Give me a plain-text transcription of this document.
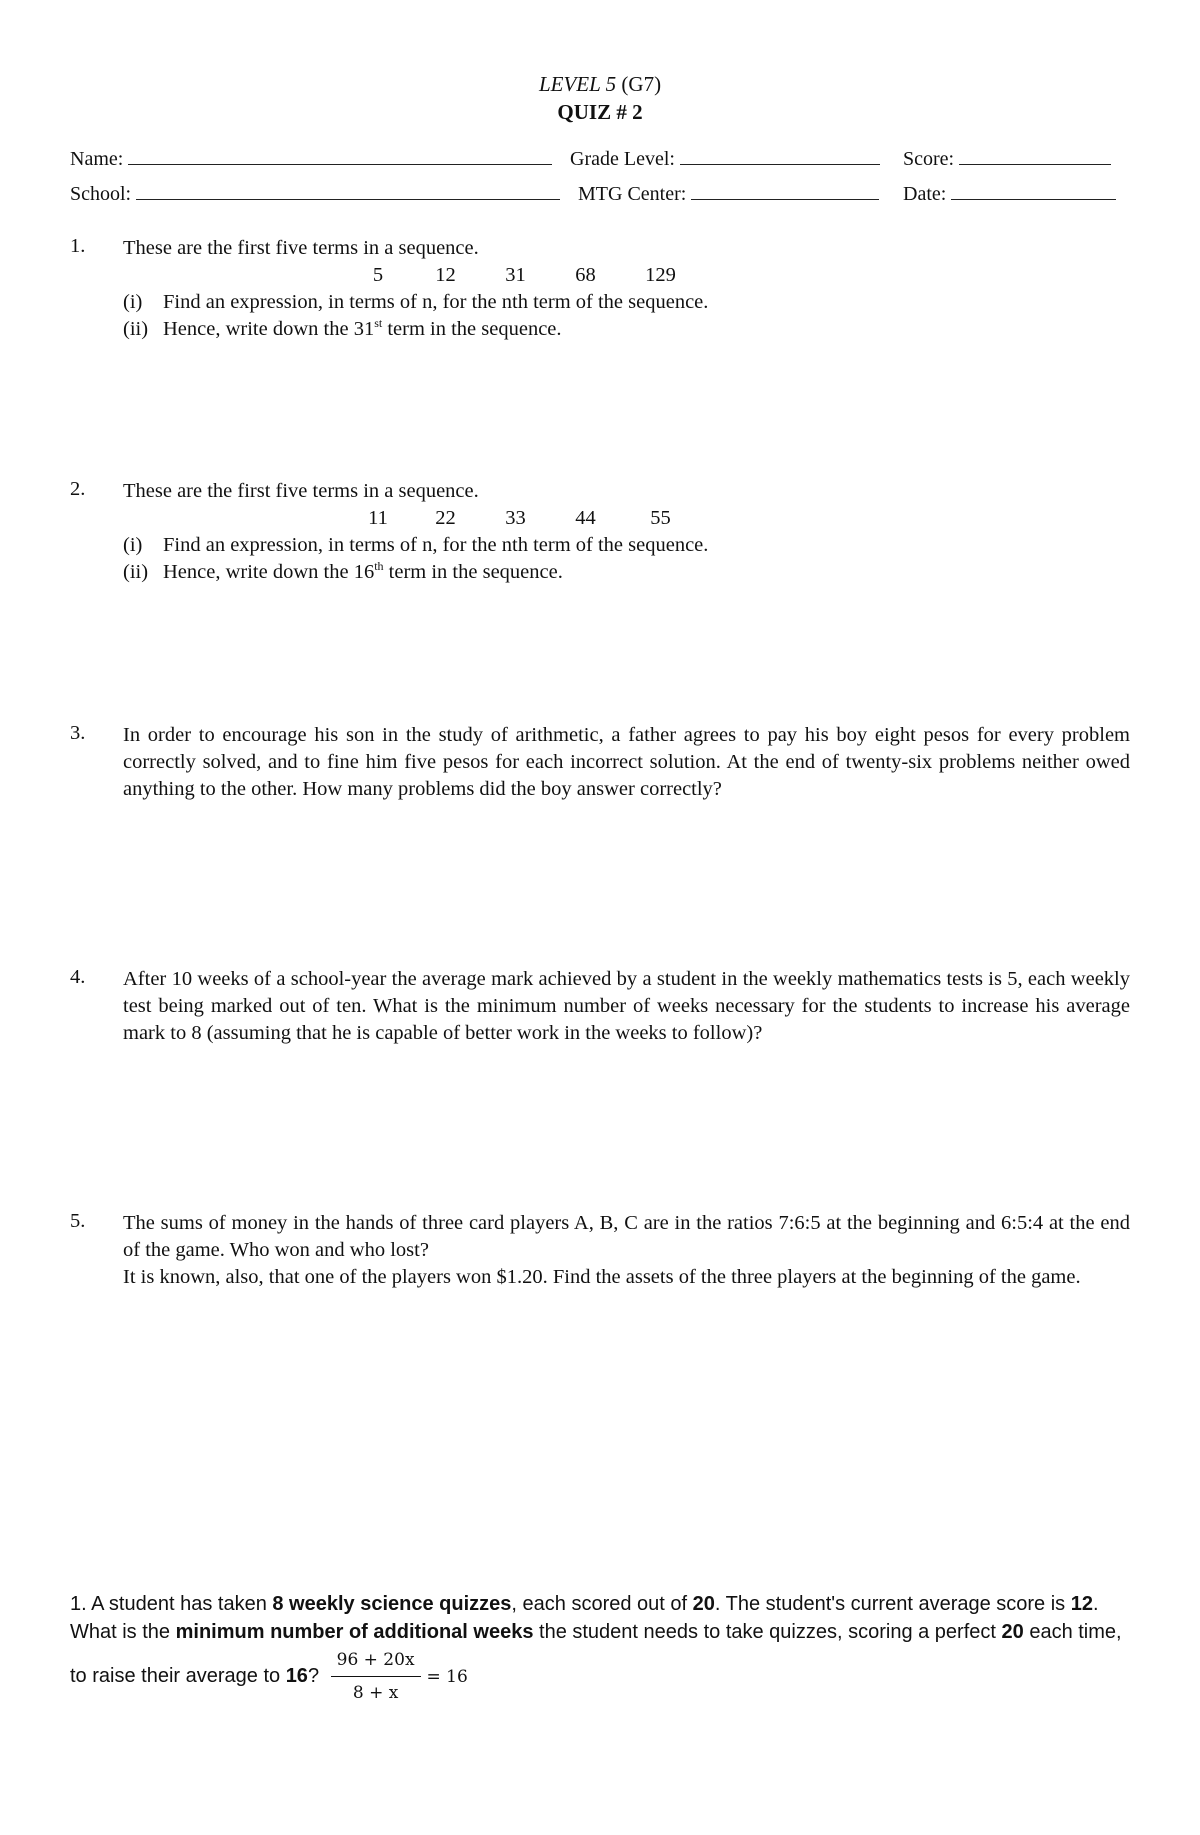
LEVEL 5 (G7)
QUIZ # 2
Name:	Grade Level:	Score:
School:	MTG Center:	Date:
1. These are the first five terms in a sequence.
5	12	31	68	129
(i)	Find an expression, in terms of n, for the nth term of the sequence.
(ii) Hence, write down the 31st term in the sequence.
2. These are the first five terms in a sequence.
11	22	33	44	55
(i)	Find an expression, in terms of n, for the nth term of the sequence.
(ii) Hence, write down the 16th term in the sequence.
3. In order to encourage his son in the study of arithmetic, a father agrees to pay his boy eight pesos for every problem correctly solved, and to fine him five pesos for each incorrect solution. At the end of twenty-six problems neither owed anything to the other. How many problems did the boy answer correctly?
4. After 10 weeks of a school-year the average mark achieved by a student in the weekly mathematics tests is 5, each weekly test being marked out of ten. What is the minimum number of weeks necessary for the students to increase his average mark to 8 (assuming that he is capable of better work in the weeks to follow)?
5. The sums of money in the hands of three card players A, B, C are in the ratios 7:6:5 at the beginning and 6:5:4 at the end of the game. Who won and who lost?
It is known, also, that one of the players won $1.20. Find the assets of the three players at the beginning of the game.
1. A student has taken 8 weekly science quizzes, each scored out of 20. The student's current average score is 12. What is the minimum number of additional weeks the student needs to take quizzes, scoring a perfect 20 each time, to raise their average to 16? $\frac{96 + 20x}{8 + x} = 16$
